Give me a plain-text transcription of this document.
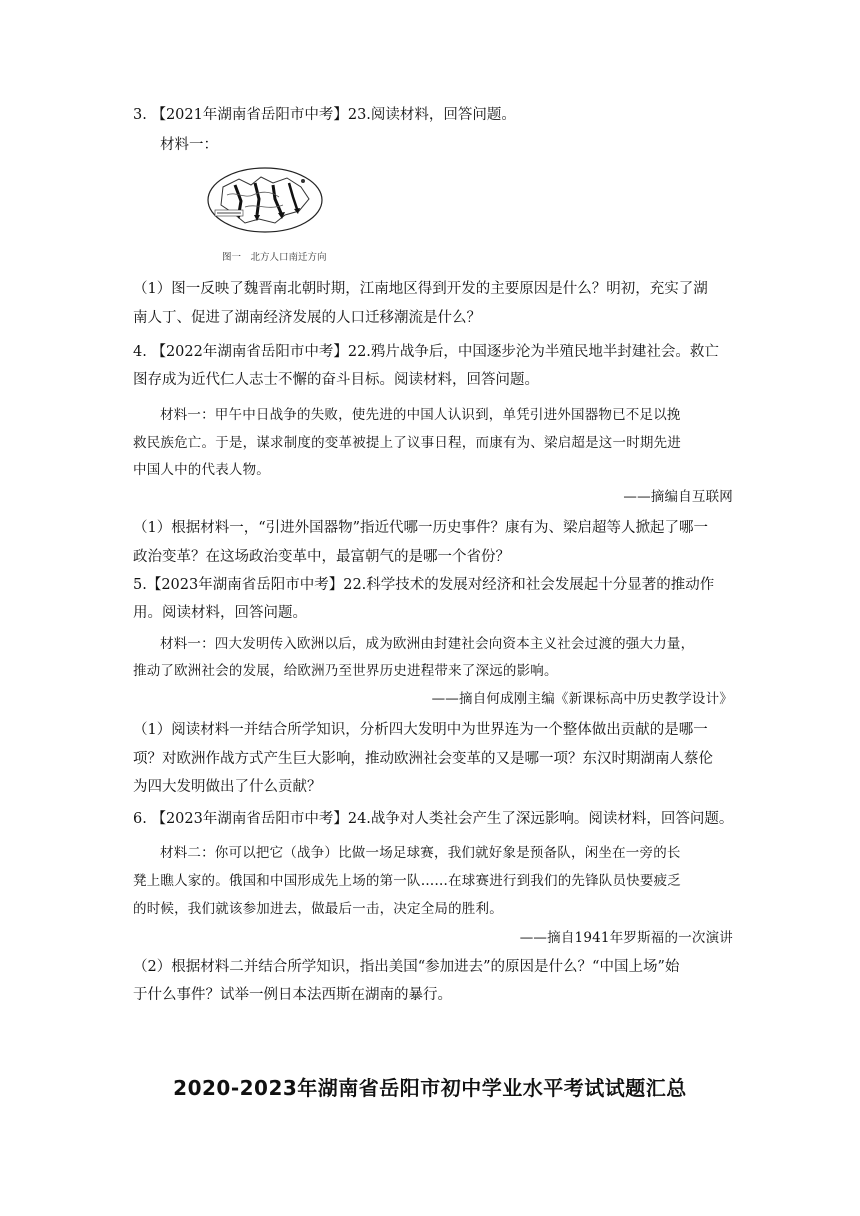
3. 【2021年湖南省岳阳市中考】23.阅读材料，回答问题。
材料一：
图一　北方人口南迁方向
（1）图一反映了魏晋南北朝时期，江南地区得到开发的主要原因是什么？明初，充实了湖
南人丁、促进了湖南经济发展的人口迁移潮流是什么？
4. 【2022年湖南省岳阳市中考】22.鸦片战争后，中国逐步沦为半殖民地半封建社会。救亡
图存成为近代仁人志士不懈的奋斗目标。阅读材料，回答问题。
材料一：甲午中日战争的失败，使先进的中国人认识到，单凭引进外国器物已不足以挽
救民族危亡。于是，谋求制度的变革被提上了议事日程，而康有为、梁启超是这一时期先进
中国人中的代表人物。
——摘编自互联网
（1）根据材料一，“引进外国器物”指近代哪一历史事件？康有为、梁启超等人掀起了哪一
政治变革？在这场政治变革中，最富朝气的是哪一个省份？
5.【2023年湖南省岳阳市中考】22.科学技术的发展对经济和社会发展起十分显著的推动作
用。阅读材料，回答问题。
材料一：四大发明传入欧洲以后，成为欧洲由封建社会向资本主义社会过渡的强大力量，
推动了欧洲社会的发展，给欧洲乃至世界历史进程带来了深远的影响。
——摘自何成刚主编《新课标高中历史教学设计》
（1）阅读材料一并结合所学知识，分析四大发明中为世界连为一个整体做出贡献的是哪一
项？对欧洲作战方式产生巨大影响，推动欧洲社会变革的又是哪一项？东汉时期湖南人蔡伦
为四大发明做出了什么贡献？
6. 【2023年湖南省岳阳市中考】24.战争对人类社会产生了深远影响。阅读材料，回答问题。
材料二：你可以把它（战争）比做一场足球赛，我们就好象是预备队，闲坐在一旁的长
凳上瞧人家的。俄国和中国形成先上场的第一队……在球赛进行到我们的先锋队员快要疲乏
的时候，我们就该参加进去，做最后一击，决定全局的胜利。
——摘自1941年罗斯福的一次演讲
（2）根据材料二并结合所学知识，指出美国“参加进去”的原因是什么？“中国上场”始
于什么事件？试举一例日本法西斯在湖南的暴行。
2020-2023年湖南省岳阳市初中学业水平考试试题汇总
